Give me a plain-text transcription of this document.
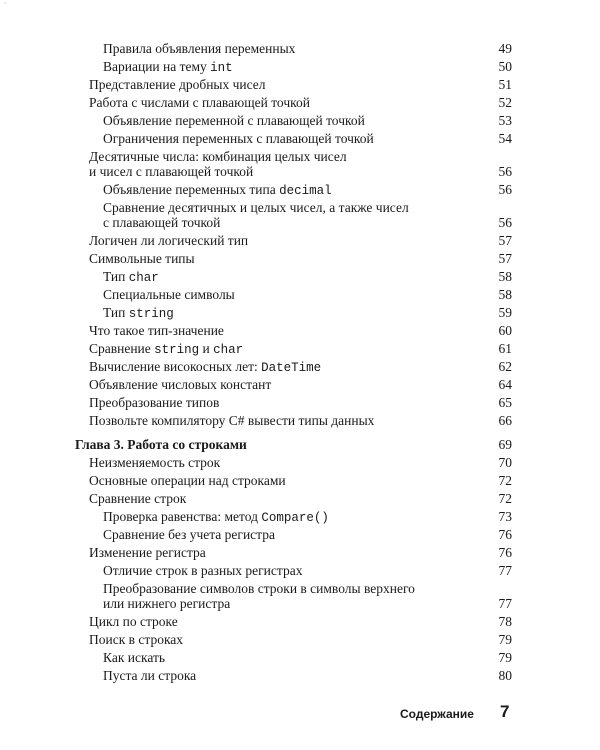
*
Правила объявления переменных	49
Вариации на тему int	50
Представление дробных чисел	51
Работа с числами с плавающей точкой	52
Объявление переменной с плавающей точкой	53
Ограничения переменных с плавающей точкой	54
Десятичные числа: комбинация целых чисел
и чисел с плавающей точкой	56
Объявление переменных типа decimal	56
Сравнение десятичных и целых чисел, а также чисел
с плавающей точкой	56
Логичен ли логический тип	57
Символьные типы	57
Тип char	58
Специальные символы	58
Тип string	59
Что такое тип-значение	60
Сравнение string и char	61
Вычисление високосных лет: DateTime	62
Объявление числовых констант	64
Преобразование типов	65
Позвольте компилятору C# вывести типы данных	66
Глава 3. Работа со строками	69
Неизменяемость строк	70
Основные операции над строками	72
Сравнение строк	72
Проверка равенства: метод Compare()	73
Сравнение без учета регистра	76
Изменение регистра	76
Отличие строк в разных регистрах	77
Преобразование символов строки в символы верхнего
или нижнего регистра	77
Цикл по строке	78
Поиск в строках	79
Как искать	79
Пуста ли строка	80
Содержание 7
